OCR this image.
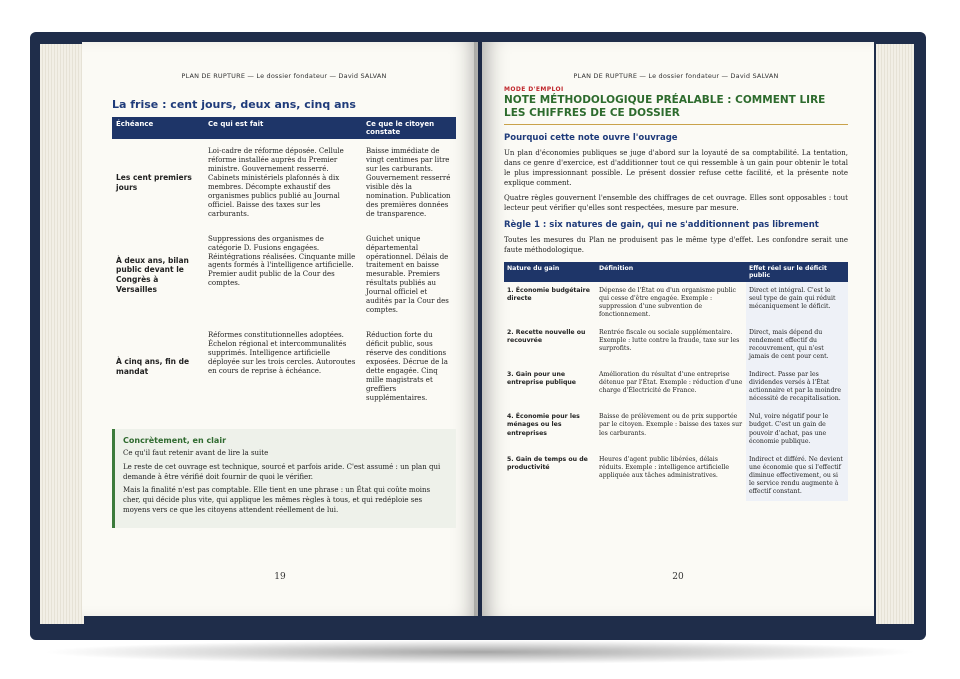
PLAN DE RUPTURE — Le dossier fondateur — David SALVAN
La frise : cent jours, deux ans, cinq ans
Échéance	Ce qui est fait	Ce que le citoyen constate
Les cent premiers jours	Loi-cadre de réforme déposée. Cellule réforme installée auprès du Premier ministre. Gouvernement resserré. Cabinets ministériels plafonnés à dix membres. Décompte exhaustif des organismes publics publié au Journal officiel. Baisse des taxes sur les carburants.	Baisse immédiate de vingt centimes par litre sur les carburants. Gouvernement resserré visible dès la nomination. Publication des premières données de transparence.
À deux ans, bilan public devant le Congrès à Versailles	Suppressions des organismes de catégorie D. Fusions engagées. Réintégrations réalisées. Cinquante mille agents formés à l'intelligence artificielle. Premier audit public de la Cour des comptes.	Guichet unique départemental opérationnel. Délais de traitement en baisse mesurable. Premiers résultats publiés au Journal officiel et audités par la Cour des comptes.
À cinq ans, fin de mandat	Réformes constitutionnelles adoptées. Échelon régional et intercommunalités supprimés. Intelligence artificielle déployée sur les trois cercles. Autoroutes en cours de reprise à échéance.	Réduction forte du déficit public, sous réserve des conditions exposées. Décrue de la dette engagée. Cinq mille magistrats et greffiers supplémentaires.
Concrètement, en clair

Ce qu'il faut retenir avant de lire la suite

Le reste de cet ouvrage est technique, sourcé et parfois aride. C'est assumé : un plan qui demande à être vérifié doit fournir de quoi le vérifier.

Mais la finalité n'est pas comptable. Elle tient en une phrase : un État qui coûte moins cher, qui décide plus vite, qui applique les mêmes règles à tous, et qui redéploie ses moyens vers ce que les citoyens attendent réellement de lui.

19
PLAN DE RUPTURE — Le dossier fondateur — David SALVAN
MODE D'EMPLOI
NOTE MÉTHODOLOGIQUE PRÉALABLE : COMMENT LIRE LES CHIFFRES DE CE DOSSIER
Pourquoi cette note ouvre l'ouvrage

Un plan d'économies publiques se juge d'abord sur la loyauté de sa comptabilité. La tentation, dans ce genre d'exercice, est d'additionner tout ce qui ressemble à un gain pour obtenir le total le plus impressionnant possible. Le présent dossier refuse cette facilité, et la présente note explique comment.

Quatre règles gouvernent l'ensemble des chiffrages de cet ouvrage. Elles sont opposables : tout lecteur peut vérifier qu'elles sont respectées, mesure par mesure.

Règle 1 : six natures de gain, qui ne s'additionnent pas librement

Toutes les mesures du Plan ne produisent pas le même type d'effet. Les confondre serait une faute méthodologique.

Nature du gain	Définition	Effet réel sur le déficit public
1. Économie budgétaire directe	Dépense de l'État ou d'un organisme public qui cesse d'être engagée. Exemple : suppression d'une subvention de fonctionnement.	Direct et intégral. C'est le seul type de gain qui réduit mécaniquement le déficit.
2. Recette nouvelle ou recouvrée	Rentrée fiscale ou sociale supplémentaire. Exemple : lutte contre la fraude, taxe sur les surprofits.	Direct, mais dépend du rendement effectif du recouvrement, qui n'est jamais de cent pour cent.
3. Gain pour une entreprise publique	Amélioration du résultat d'une entreprise détenue par l'État. Exemple : réduction d'une charge d'Électricité de France.	Indirect. Passe par les dividendes versés à l'État actionnaire et par la moindre nécessité de recapitalisation.
4. Économie pour les ménages ou les entreprises	Baisse de prélèvement ou de prix supportée par le citoyen. Exemple : baisse des taxes sur les carburants.	Nul, voire négatif pour le budget. C'est un gain de pouvoir d'achat, pas une économie publique.
5. Gain de temps ou de productivité	Heures d'agent public libérées, délais réduits. Exemple : intelligence artificielle appliquée aux tâches administratives.	Indirect et différé. Ne devient une économie que si l'effectif diminue effectivement, ou si le service rendu augmente à effectif constant.
20
